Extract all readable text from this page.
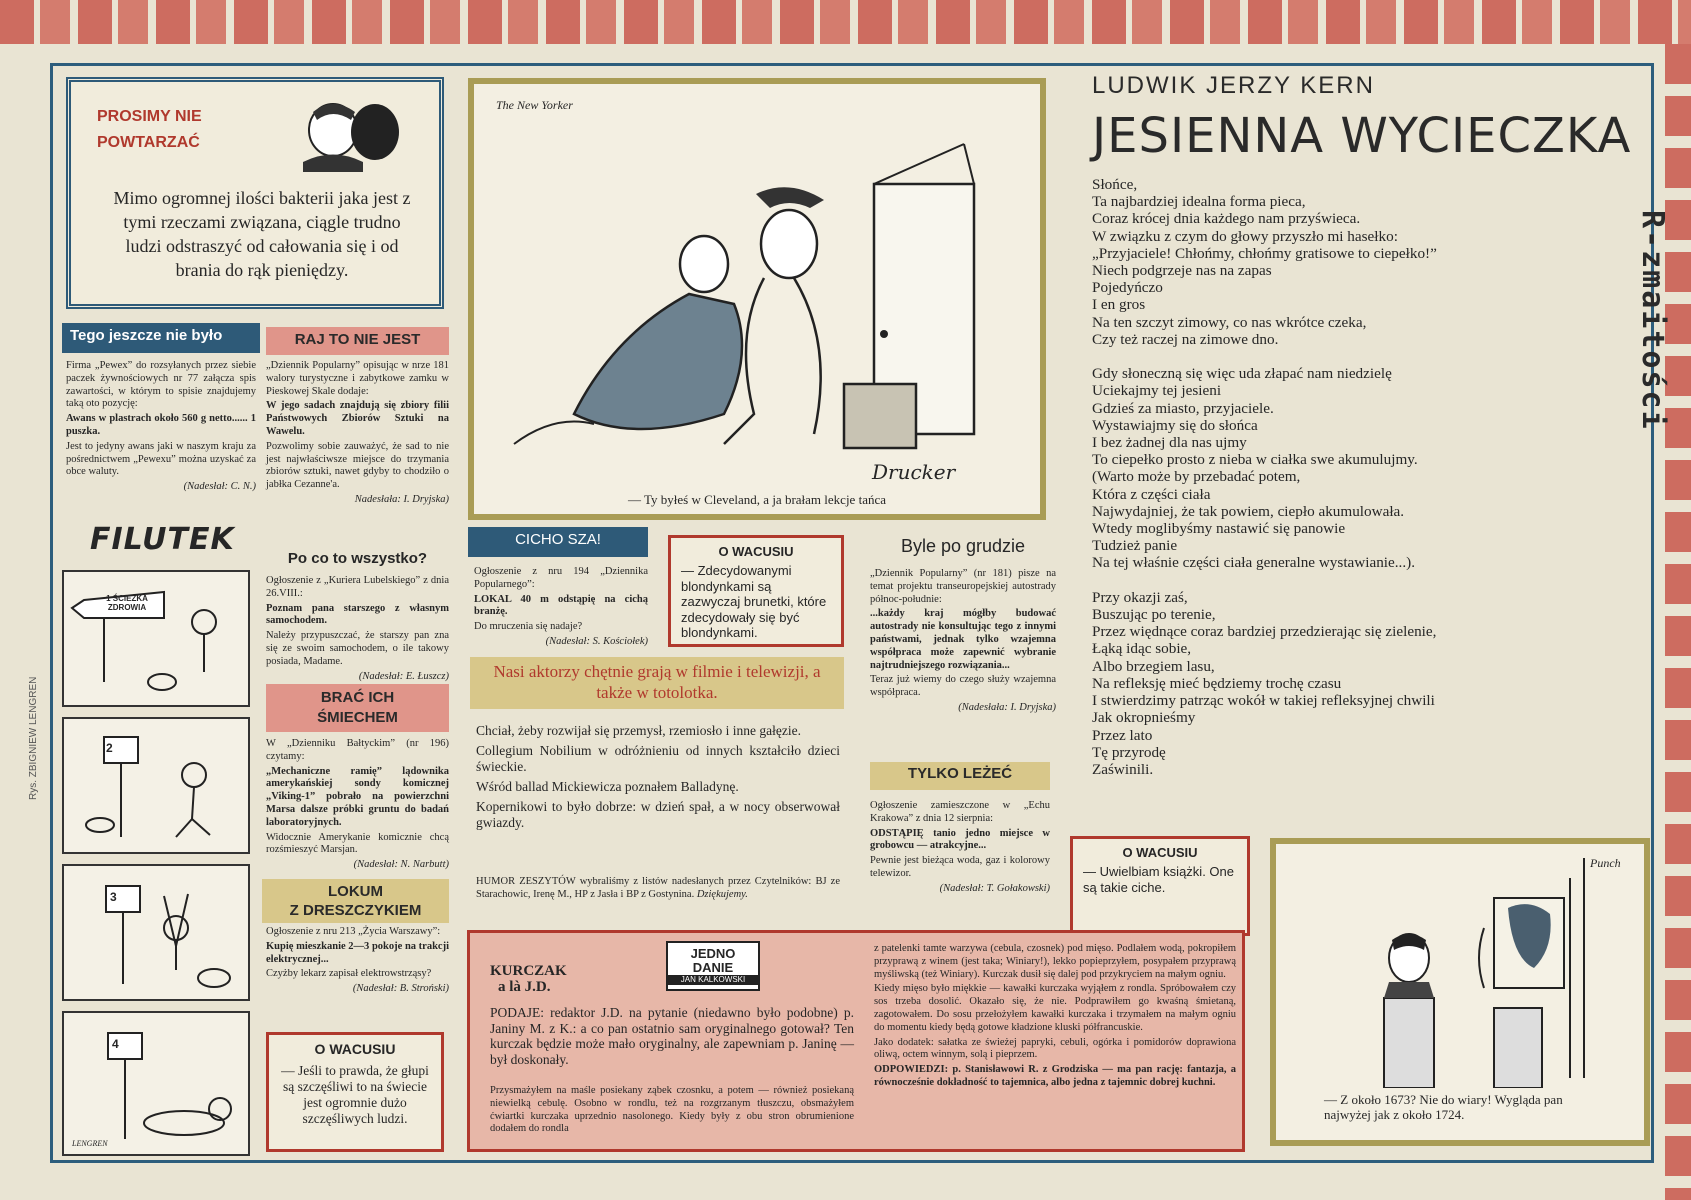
Rys. ZBIGNIEW LENGREN
R-zmaitości
PROSIMY NIE
POWTARZAĆ
Mimo ogromnej ilości bakterii jaka jest z tymi rzeczami związana, ciągle trudno ludzi odstraszyć od całowania się i od brania do rąk pieniędzy.
Tego jeszcze nie było

Firma „Pewex” do rozsyłanych przez siebie paczek żywnościowych nr 77 załącza spis zawartości, w którym to spisie znajdujemy taką oto pozycję:

Awans w plastrach około 560 g netto...... 1 puszka.

Jest to jedyny awans jaki w naszym kraju za pośrednictwem „Pewexu” można uzyskać za obce waluty.

(Nadesłał: C. N.)

FILUTEK
1 ŚCIEŻKA ZDROWIA
2
3
4
LENGREN
RAJ TO NIE JEST

„Dziennik Popularny” opisując w nrze 181 walory turystyczne i zabytkowe zamku w Pieskowej Skale dodaje:

W jego sadach znajdują się zbiory filii Państwowych Zbiorów Sztuki na Wawelu.

Pozwolimy sobie zauważyć, że sad to nie jest najwłaściwsze miejsce do trzymania zbiorów sztuki, nawet gdyby to chodziło o jabłka Cezanne'a.

Nadesłała: I. Dryjska)

Po co to wszystko?

Ogłoszenie z „Kuriera Lubelskiego” z dnia 26.VIII.:

Poznam pana starszego z własnym samochodem.

Należy przypuszczać, że starszy pan zna się ze swoim samochodem, o ile takowy posiada, Madame.

(Nadesłał: E. Łuszcz)

BRAĆ ICH
ŚMIECHEM

W „Dzienniku Bałtyckim” (nr 196) czytamy:

„Mechaniczne ramię” lądownika amerykańskiej sondy komicznej „Viking-1” pobrało na powierzchni Marsa dalsze próbki gruntu do badań laboratoryjnych.

Widocznie Amerykanie komicznie chcą rozśmieszyć Marsjan.

(Nadesłał: N. Narbutt)

LOKUM
Z DRESZCZYKIEM

Ogłoszenie z nru 213 „Życia Warszawy”:

Kupię mieszkanie 2—3 pokoje na trakcji elektrycznej...

Czyżby lekarz zapisał elektrowstrząsy?

(Nadesłał: B. Stroński)

O WACUSIU
— Jeśli to prawda, że głupi są szczęśliwi to na świecie jest ogromnie dużo szczęśliwych ludzi.
The New Yorker
Drucker
— Ty byłeś w Cleveland, a ja brałam lekcje tańca
CICHO SZA!

Ogłoszenie z nru 194 „Dziennika Popularnego”:

LOKAL 40 m odstąpię na cichą branżę.

Do mruczenia się nadaje?

(Nadesłał: S. Kościołek)

O WACUSIU
— Zdecydowanymi blondynkami są zazwyczaj brunetki, które zdecydowały się być blondynkami.
Nasi aktorzy chętnie grają w filmie i telewizji, a także w totolotka.

Chciał, żeby rozwijał się przemysł, rzemiosło i inne gałęzie.

Collegium Nobilium w odróżnieniu od innych kształciło dzieci świeckie.

Wśród ballad Mickiewicza poznałem Balladynę.

Kopernikowi to było dobrze: w dzień spał, a w nocy obserwował gwiazdy.

HUMOR ZESZYTÓW wybraliśmy z listów nadesłanych przez Czytelników: BJ ze Starachowic, Irenę M., HP z Jasła i BP z Gostynina. Dziękujemy.
Byle po grudzie

„Dziennik Popularny” (nr 181) pisze na temat projektu transeuropejskiej autostrady północ-południe:

...każdy kraj mógłby budować autostrady nie konsultując tego z innymi państwami, jednak tylko wzajemna współpraca może zapewnić wybranie najtrudniejszego rozwiązania...

Teraz już wiemy do czego służy wzajemna współpraca.

(Nadesłała: I. Dryjska)

TYLKO LEŻEĆ

Ogłoszenie zamieszczone w „Echu Krakowa” z dnia 12 sierpnia:

ODSTĄPIĘ tanio jedno miejsce w grobowcu — atrakcyjne...

Pewnie jest bieżąca woda, gaz i kolorowy telewizor.

(Nadesłał: T. Gołakowski)

LUDWIK JERZY KERN
JESIENNA WYCIECZKA
Słońce,
Ta najbardziej idealna forma pieca,
Coraz krócej dnia każdego nam przyświeca.
W związku z czym do głowy przyszło mi hasełko:
„Przyjaciele! Chłońmy, chłońmy gratisowe to ciepełko!”
Niech podgrzeje nas na zapas
Pojedyńczo
I en gros
Na ten szczyt zimowy, co nas wkrótce czeka,
Czy też raczej na zimowe dno.

Gdy słoneczną się więc uda złapać nam niedzielę
Uciekajmy tej jesieni
Gdzieś za miasto, przyjaciele.
Wystawiajmy się do słońca
I bez żadnej dla nas ujmy
To ciepełko prosto z nieba w ciałka swe akumulujmy.
(Warto może by przebadać potem,
Która z części ciała
Najwydajniej, że tak powiem, ciepło akumulowała.
Wtedy moglibyśmy nastawić się panowie
Tudzież panie
Na tej właśnie części ciała generalne wystawianie...).

Przy okazji zaś,
Buszując po terenie,
Przez więdnące coraz bardziej przedzierając się zielenie,
Łąką idąc sobie,
Albo brzegiem lasu,
Na refleksję mieć będziemy trochę czasu
I stwierdzimy patrząc wokół w takiej refleksyjnej chwili
Jak okropnieśmy
Przez lato
Tę przyrodę
Zaświnili.
O WACUSIU
— Uwielbiam książki. One są takie ciche.
Punch
— Z około 1673? Nie do wiary! Wygląda pan najwyżej jak z około 1724.
JEDNO
DANIE
JAN KALKOWSKI
KURCZAK
a là J.D.
PODAJE: redaktor J.D. na pytanie (niedawno było podobne) p. Janiny M. z K.: a co pan ostatnio sam oryginalnego gotował? Ten kurczak będzie może mało oryginalny, ale zapewniam p. Janinę — był doskonały.
Przysmażyłem na maśle posiekany ząbek czosnku, a potem — również posiekaną niewielką cebulę. Osobno w rondlu, też na rozgrzanym tłuszczu, obsmażyłem ćwiartki kurczaka uprzednio nasolonego. Kiedy były z obu stron obrumienione dodałem do rondla

z patelenki tamte warzywa (cebula, czosnek) pod mięso. Podlałem wodą, pokropiłem przyprawą z winem (jest taka; Winiary!), lekko popieprzyłem, posypałem przyprawą myśliwską (też Winiary). Kurczak dusił się dalej pod przykryciem na małym ogniu.

Kiedy mięso było miękkie — kawałki kurczaka wyjąłem z rondla. Spróbowałem czy sos trzeba dosolić. Okazało się, że nie. Podprawiłem go kwaśną śmietaną, zagotowałem. Do sosu przełożyłem kawałki kurczaka i trzymałem na małym ogniu do momentu kiedy będą gotowe kładzione kluski półfrancuskie.

Jako dodatek: sałatka ze świeżej papryki, cebuli, ogórka i pomidorów doprawiona oliwą, octem winnym, solą i pieprzem.

ODPOWIEDZI: p. Stanisławowi R. z Grodziska — ma pan rację: fantazja, a równocześnie dokładność to tajemnica, albo jedna z tajemnic dobrej kuchni.
